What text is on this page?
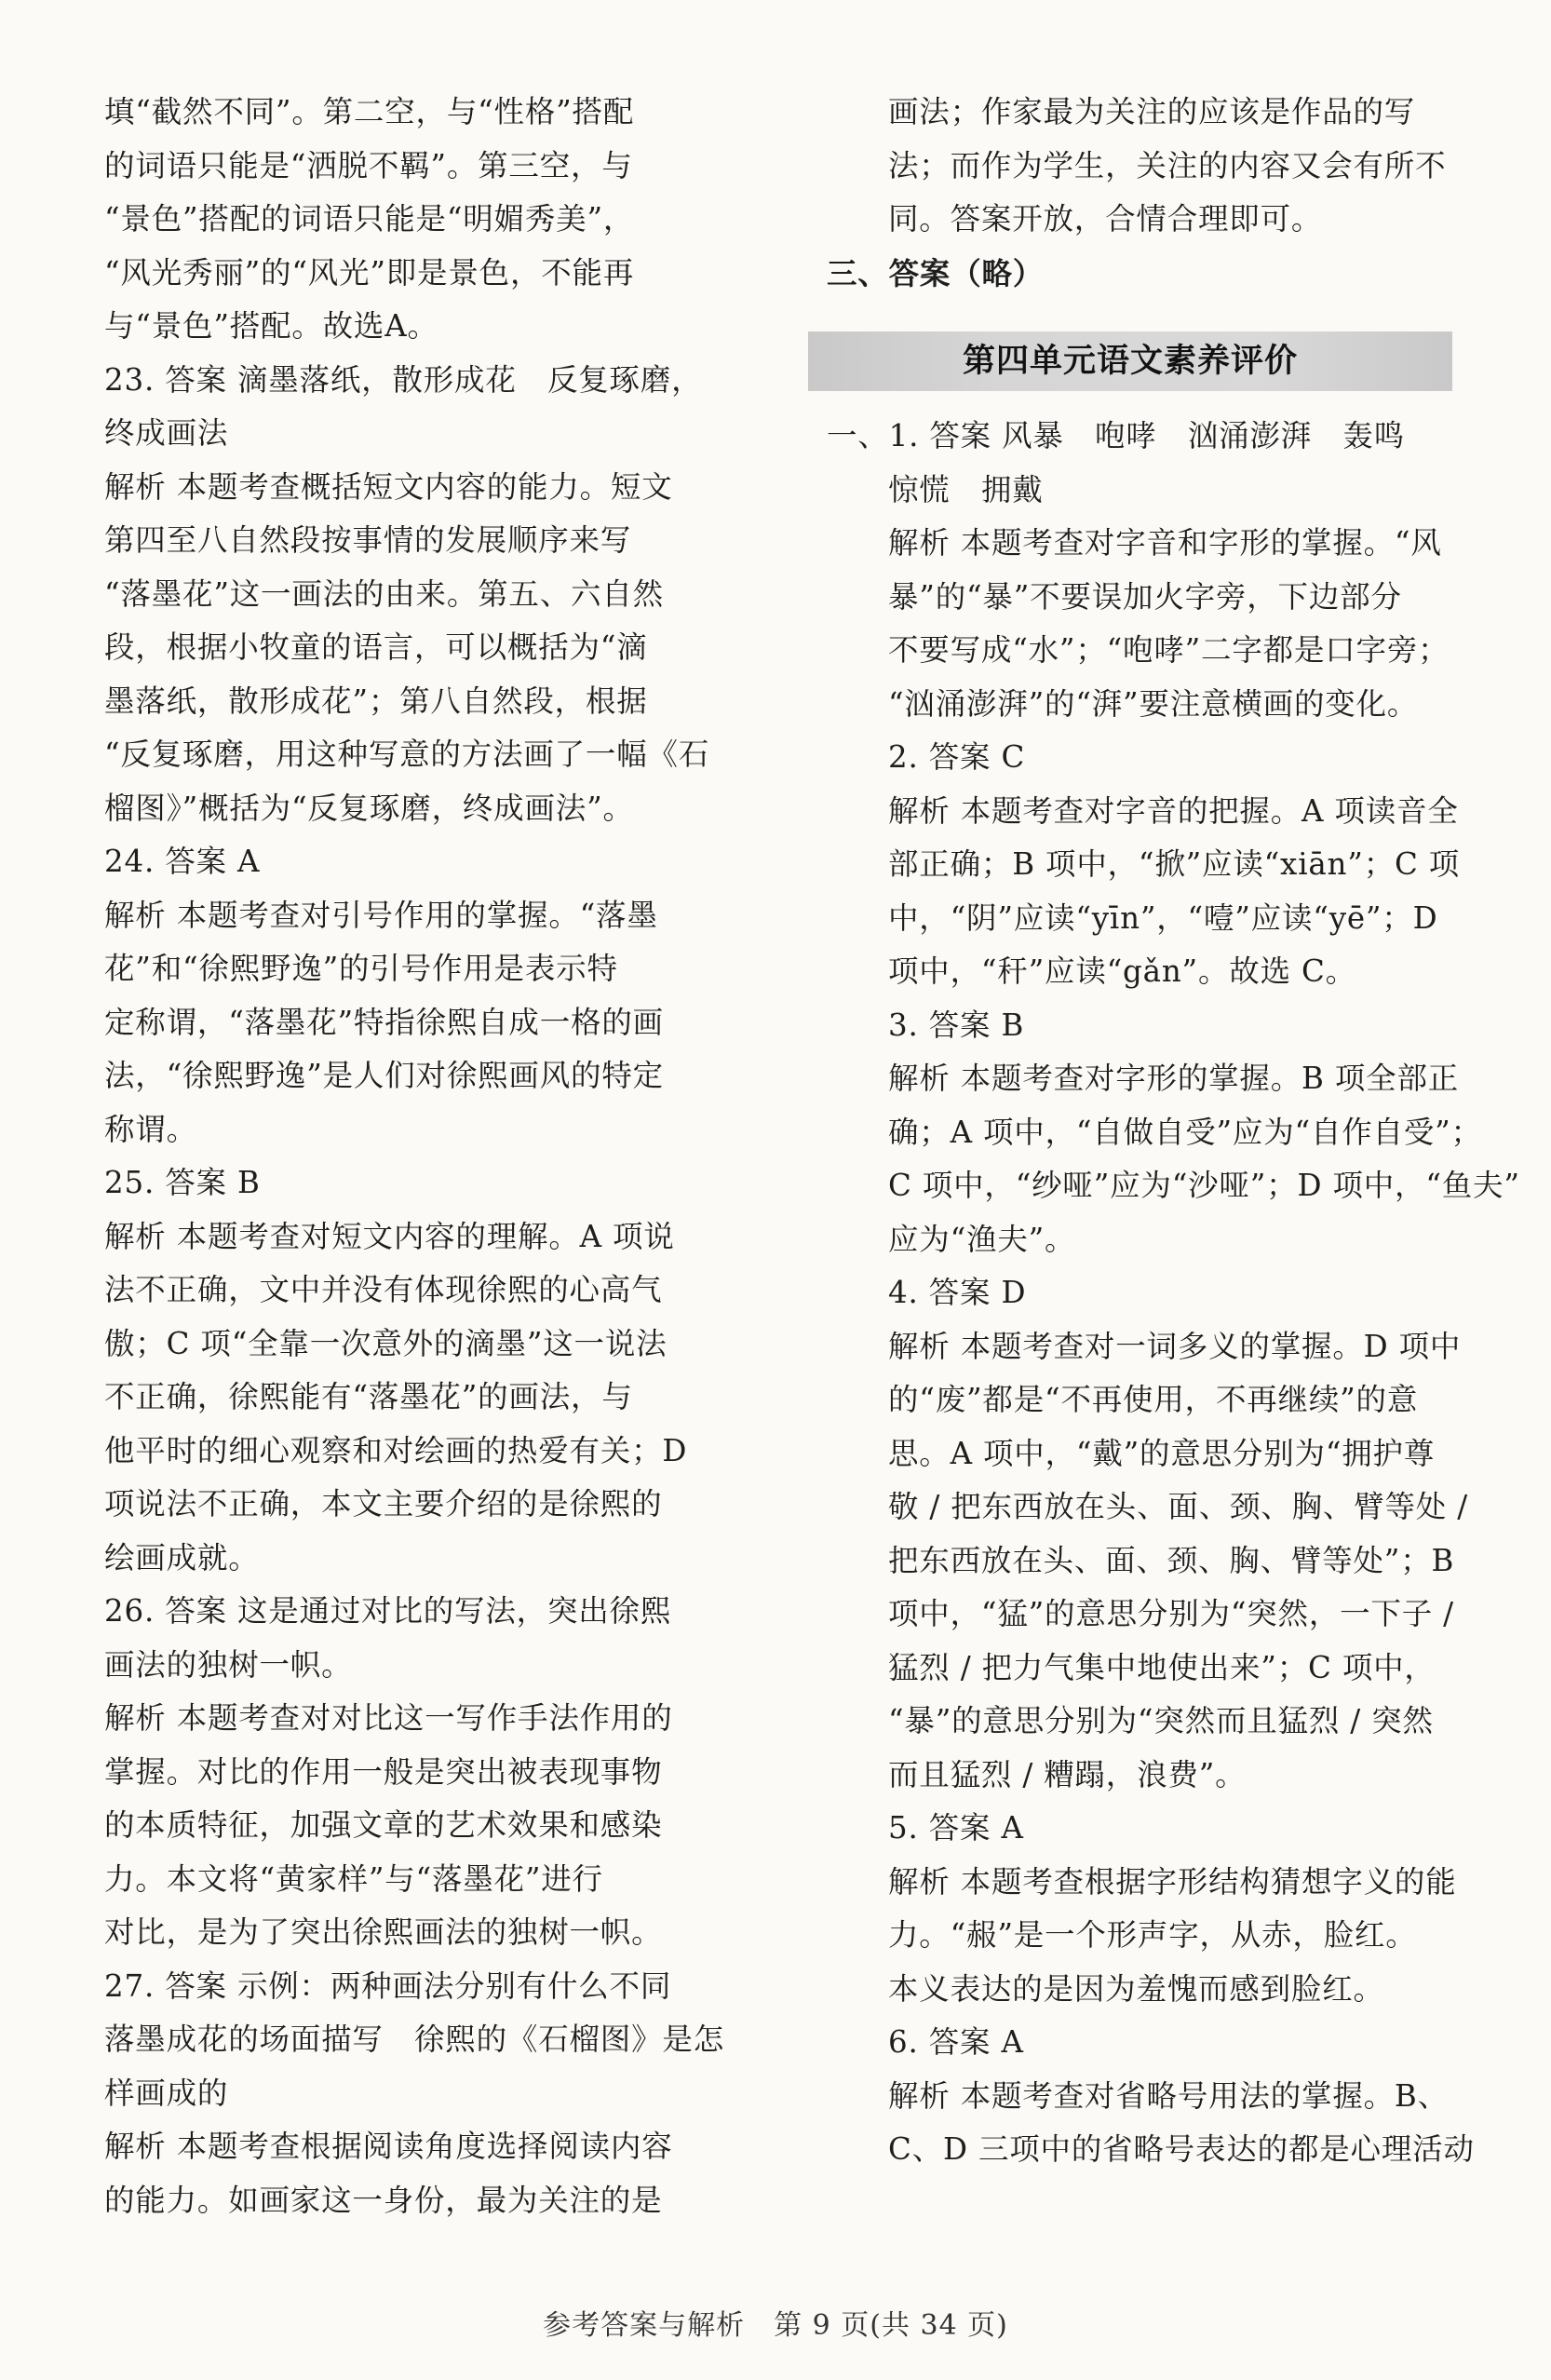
填“截然不同”。第二空，与“性格”搭配
的词语只能是“洒脱不羁”。第三空，与
“景色”搭配的词语只能是“明媚秀美”，
“风光秀丽”的“风光”即是景色，不能再
与“景色”搭配。故选A。
23. 答案 滴墨落纸，散形成花　反复琢磨，
终成画法
解析 本题考查概括短文内容的能力。短文
第四至八自然段按事情的发展顺序来写
“落墨花”这一画法的由来。第五、六自然
段，根据小牧童的语言，可以概括为“滴
墨落纸，散形成花”；第八自然段，根据
“反复琢磨，用这种写意的方法画了一幅《石
榴图》”概括为“反复琢磨，终成画法”。
24. 答案 A
解析 本题考查对引号作用的掌握。“落墨
花”和“徐熙野逸”的引号作用是表示特
定称谓，“落墨花”特指徐熙自成一格的画
法，“徐熙野逸”是人们对徐熙画风的特定
称谓。
25. 答案 B
解析 本题考查对短文内容的理解。A 项说
法不正确，文中并没有体现徐熙的心高气
傲；C 项“全靠一次意外的滴墨”这一说法
不正确，徐熙能有“落墨花”的画法，与
他平时的细心观察和对绘画的热爱有关；D
项说法不正确，本文主要介绍的是徐熙的
绘画成就。
26. 答案 这是通过对比的写法，突出徐熙
画法的独树一帜。
解析 本题考查对对比这一写作手法作用的
掌握。对比的作用一般是突出被表现事物
的本质特征，加强文章的艺术效果和感染
力。本文将“黄家样”与“落墨花”进行
对比，是为了突出徐熙画法的独树一帜。
27. 答案 示例：两种画法分别有什么不同
落墨成花的场面描写　徐熙的《石榴图》是怎
样画成的
解析 本题考查根据阅读角度选择阅读内容
的能力。如画家这一身份，最为关注的是
画法；作家最为关注的应该是作品的写
法；而作为学生，关注的内容又会有所不
同。答案开放，合情合理即可。
三、答案（略）
第四单元语文素养评价
一、1. 答案 风暴　咆哮　汹涌澎湃　轰鸣
惊慌　拥戴
解析 本题考查对字音和字形的掌握。“风
暴”的“暴”不要误加火字旁，下边部分
不要写成“水”；“咆哮”二字都是口字旁；
“汹涌澎湃”的“湃”要注意横画的变化。
2. 答案 C
解析 本题考查对字音的把握。A 项读音全
部正确；B 项中，“掀”应读“xiān”；C 项
中，“阴”应读“yīn”，“噎”应读“yē”；D
项中，“秆”应读“gǎn”。故选 C。
3. 答案 B
解析 本题考查对字形的掌握。B 项全部正
确；A 项中，“自做自受”应为“自作自受”；
C 项中，“纱哑”应为“沙哑”；D 项中，“鱼夫”
应为“渔夫”。
4. 答案 D
解析 本题考查对一词多义的掌握。D 项中
的“废”都是“不再使用，不再继续”的意
思。A 项中，“戴”的意思分别为“拥护尊
敬 / 把东西放在头、面、颈、胸、臂等处 /
把东西放在头、面、颈、胸、臂等处”；B
项中，“猛”的意思分别为“突然，一下子 /
猛烈 / 把力气集中地使出来”；C 项中，
“暴”的意思分别为“突然而且猛烈 / 突然
而且猛烈 / 糟蹋，浪费”。
5. 答案 A
解析 本题考查根据字形结构猜想字义的能
力。“赧”是一个形声字，从赤，脸红。
本义表达的是因为羞愧而感到脸红。
6. 答案 A
解析 本题考查对省略号用法的掌握。B、
C、D 三项中的省略号表达的都是心理活动
参考答案与解析　第 9 页(共 34 页)
